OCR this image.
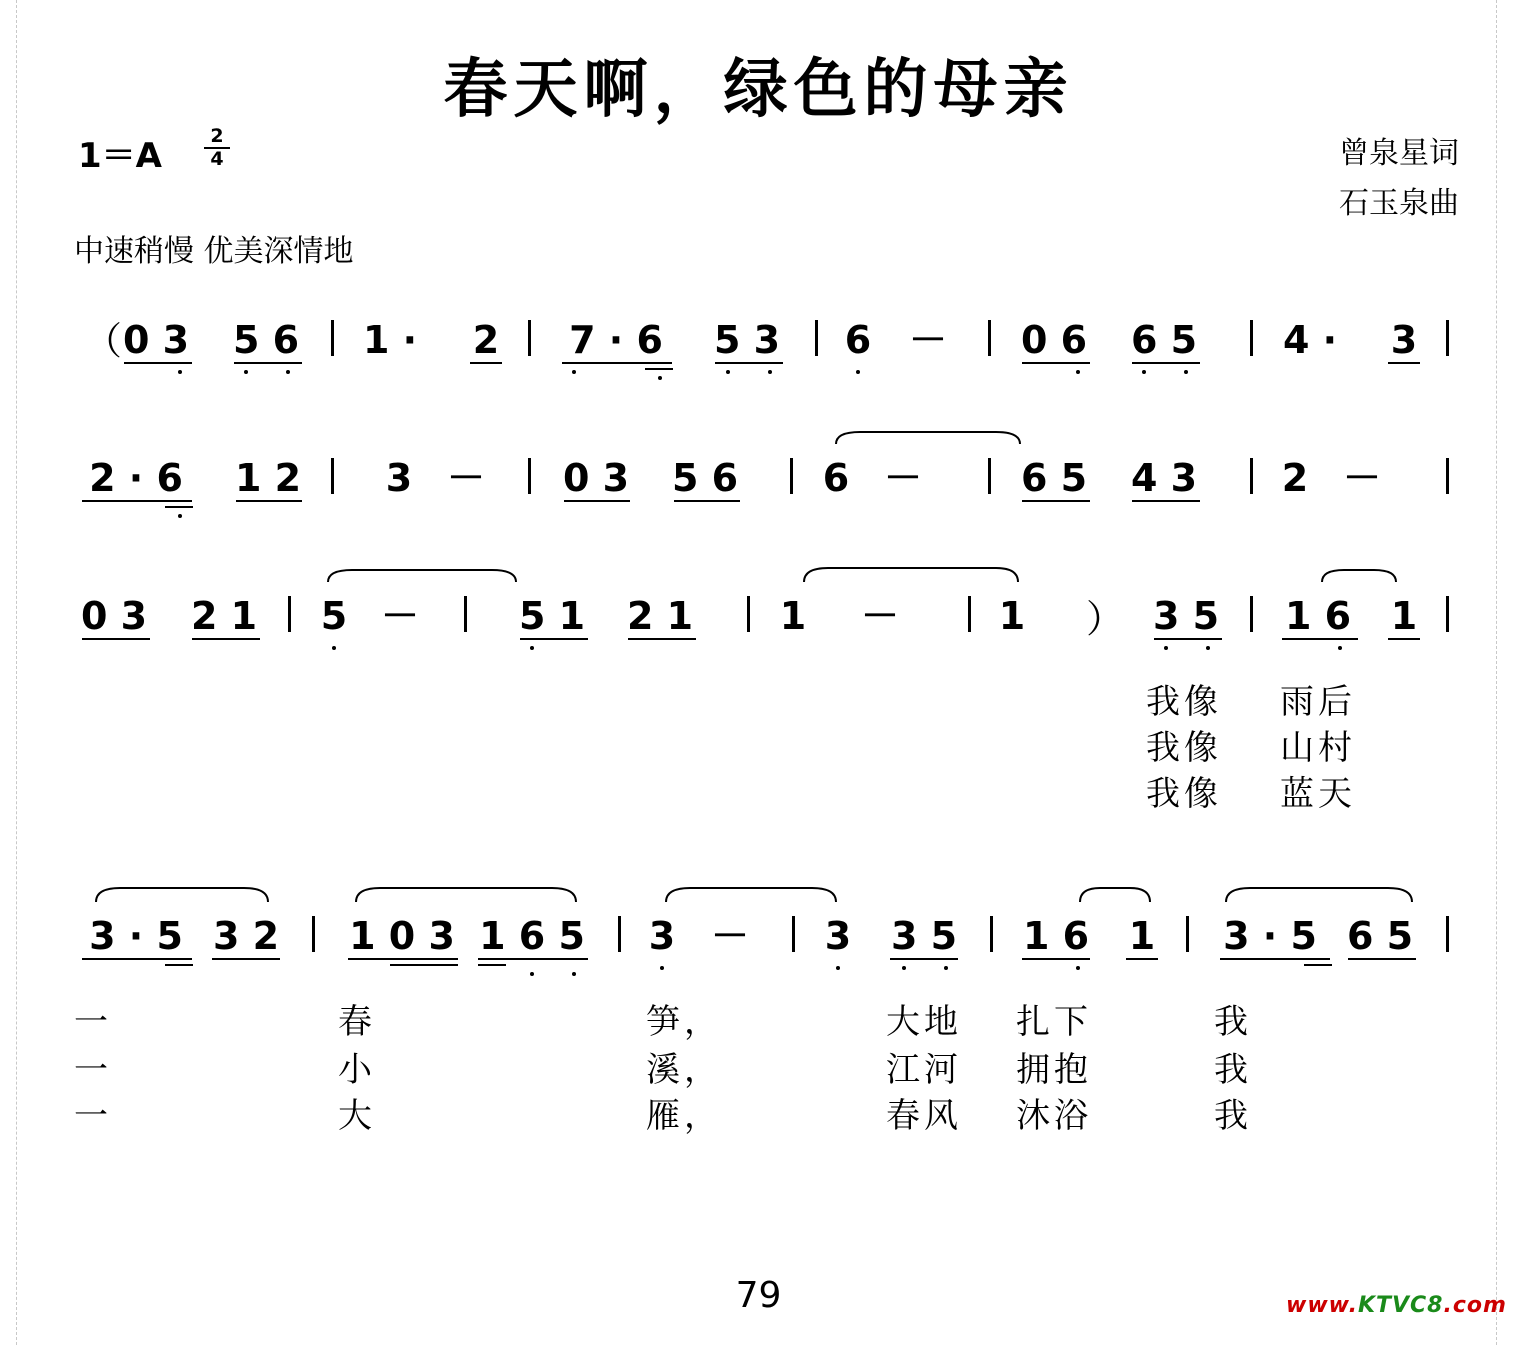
春天啊，绿色的母亲
1＝A	2
4	曾泉星词
石玉泉曲
中速稍慢 优美深情地
（ 0 3 5 6 1 · 2 7 · 6 5 3 6 － 0 6 6 5 4 · 3
2 · 6 1 2 3 － 0 3 5 6 6 －	6 5 4 3 2 －
0 3 2 1 5 －	5 1 2 1 1 －	1 ） 3 5 1 6 1
我像 雨后
我像 山村
我像 蓝天
3 · 5 3 2 1 0 3 1 6 5 3 － 3 3 5 1 6 1 3 · 5 6 5
一	春	笋，	大地 扎下	我
一	小	溪，	江河 拥抱	我
一	大	雁，	春风 沐浴	我
79	www.KTVC8.com
